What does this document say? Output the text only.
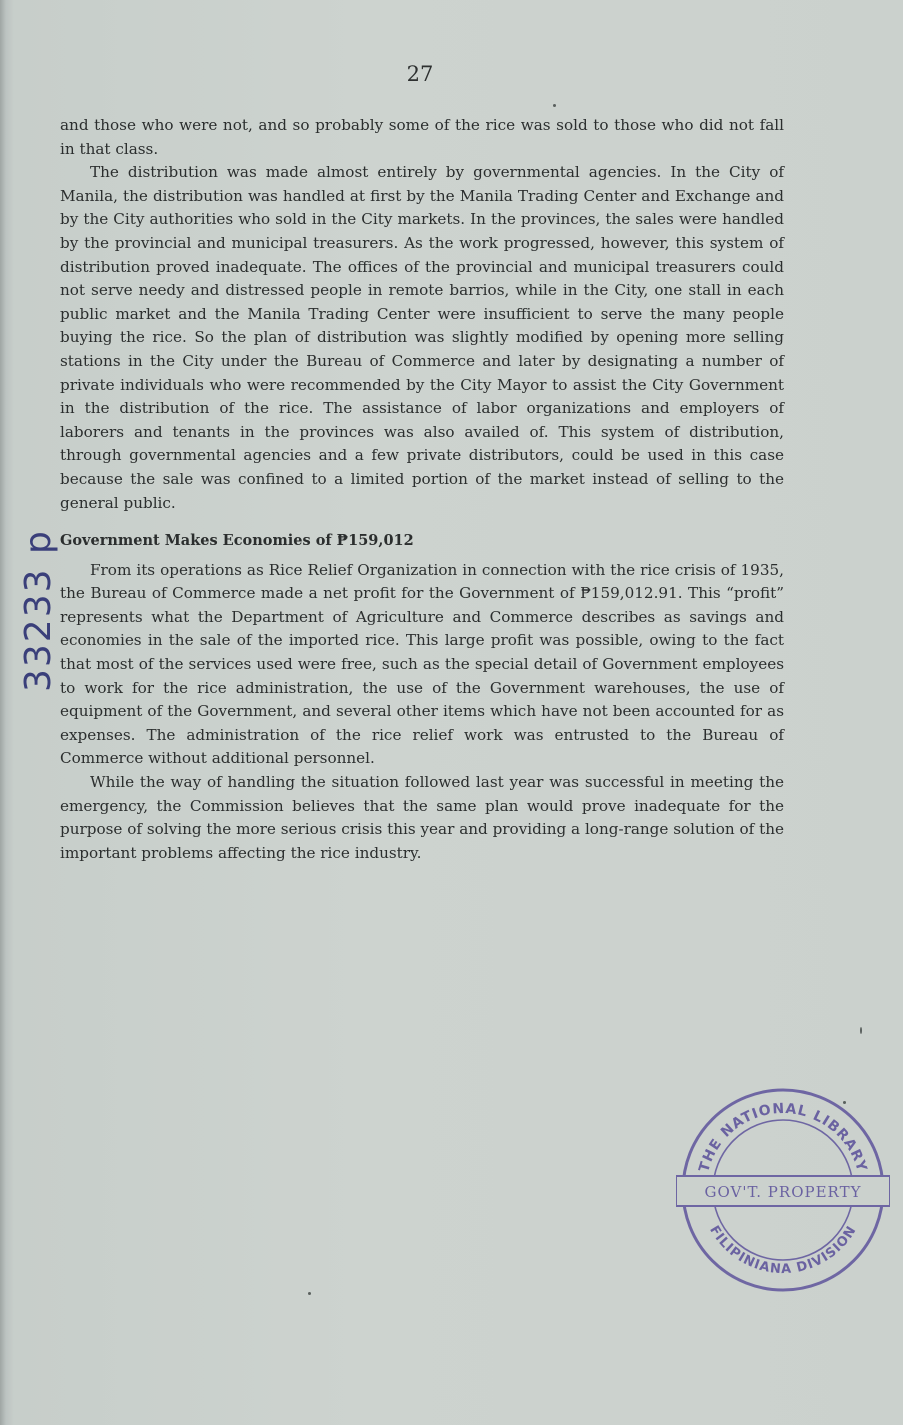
27

and those who were not, and so probably some of the rice was sold to those who did not fall in that class.

The distribution was made almost entirely by governmental agencies. In the City of Manila, the distribution was handled at first by the Manila Trading Center and Exchange and by the City authorities who sold in the City markets. In the provinces, the sales were handled by the provincial and municipal treasurers. As the work progressed, however, this system of distribution proved inadequate. The offices of the provincial and municipal treasurers could not serve needy and distressed people in remote barrios, while in the City, one stall in each public market and the Manila Trading Center were insufficient to serve the many people buying the rice. So the plan of distribution was slightly modified by opening more selling stations in the City under the Bureau of Commerce and later by designating a number of private individuals who were recommended by the City Mayor to assist the City Government in the distribution of the rice. The assistance of labor organizations and employers of laborers and tenants in the provinces was also availed of. This system of distribution, through governmental agencies and a few private distributors, could be used in this case because the sale was confined to a limited portion of the market instead of selling to the general public.

Government Makes Economies of ₱159,012

From its operations as Rice Relief Organization in connection with the rice crisis of 1935, the Bureau of Commerce made a net profit for the Government of ₱159,012.91. This “profit” represents what the Department of Agriculture and Commerce describes as savings and economies in the sale of the imported rice. This large profit was possible, owing to the fact that most of the services used were free, such as the special detail of Government employees to work for the rice administration, the use of the Government warehouses, the use of equipment of the Government, and several other items which have not been accounted for as expenses. The administration of the rice relief work was entrusted to the Bureau of Commerce without additional personnel.

While the way of handling the situation followed last year was successful in meeting the emergency, the Commission believes that the same plan would prove inadequate for the purpose of solving the more serious crisis this year and providing a long-range solution of the important problems affecting the rice industry.

33233 p
THE NATIONAL LIBRARY
GOV'T. PROPERTY
FILIPINIANA DIVISION
